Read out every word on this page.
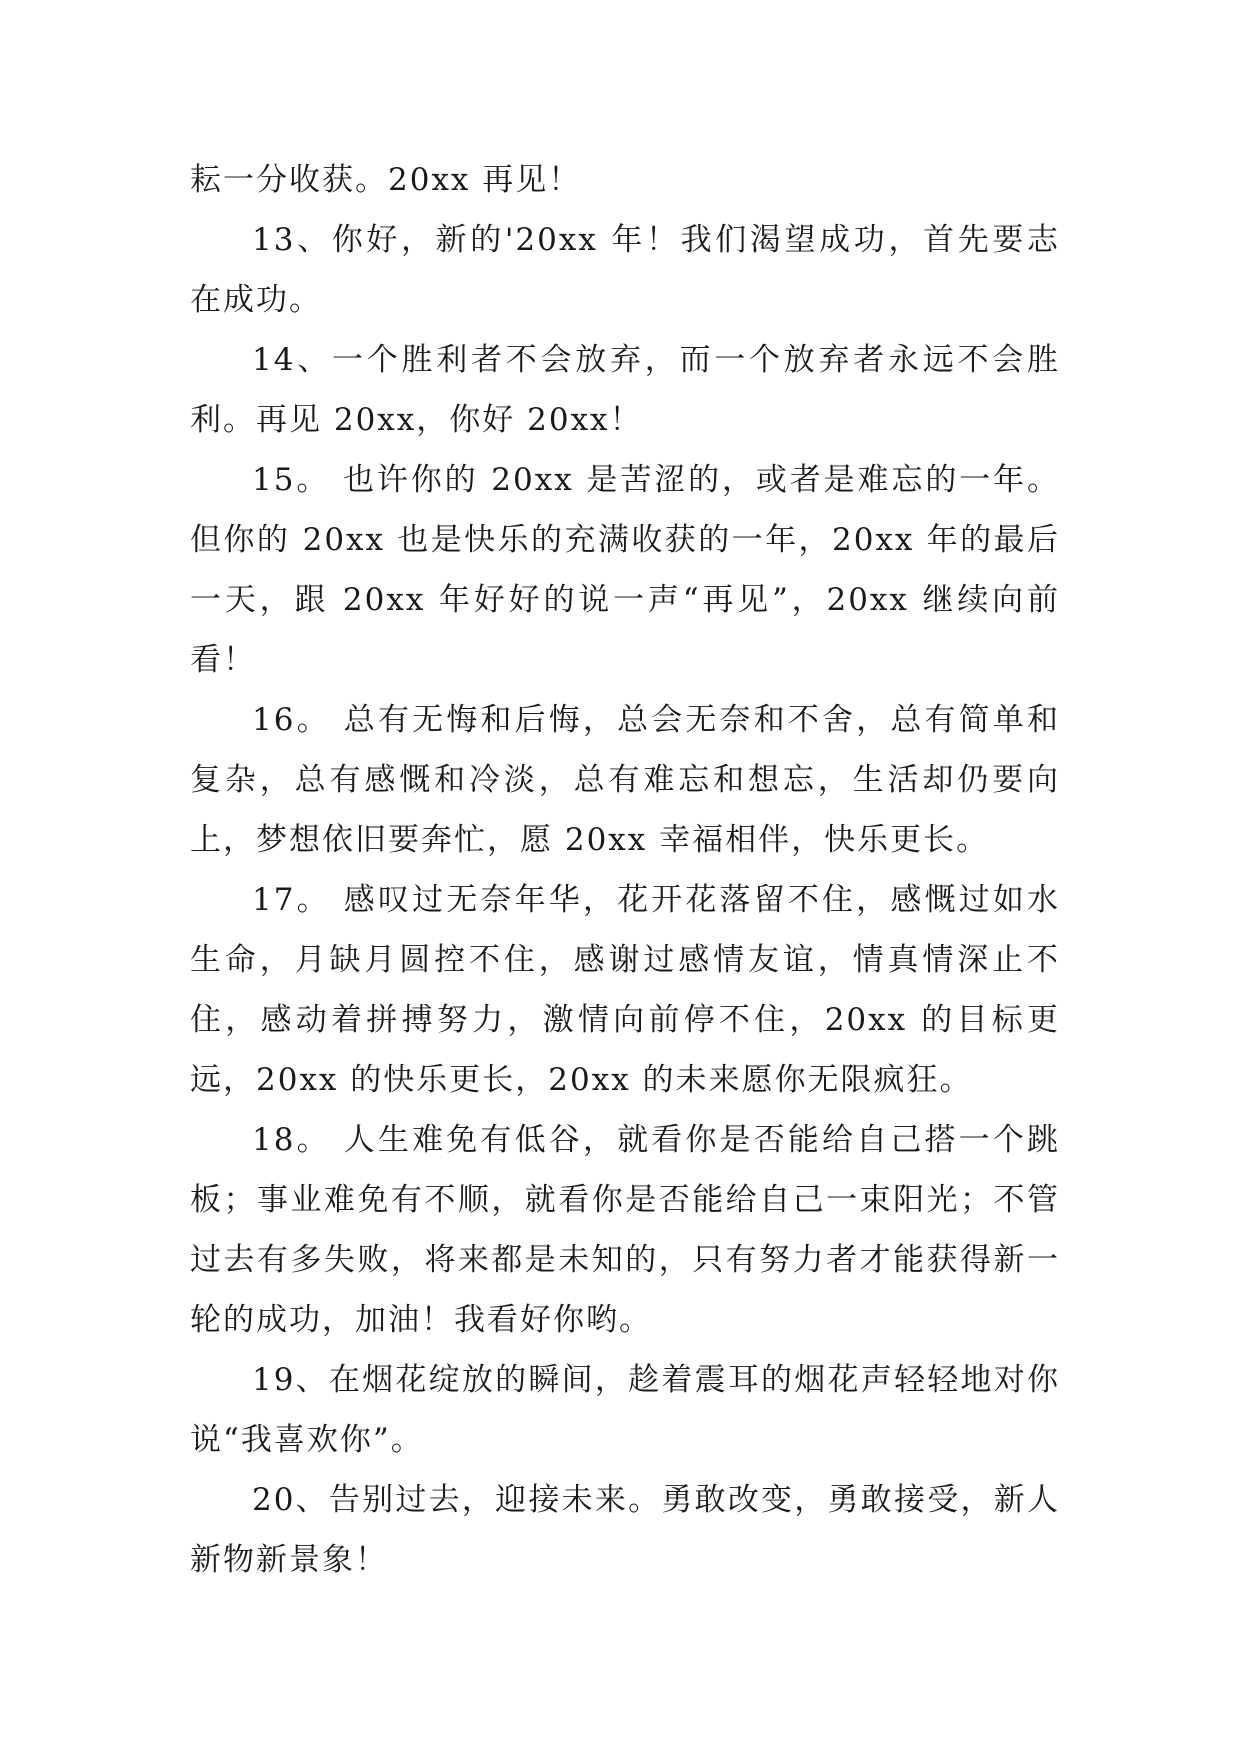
耘一分收获。20xx 再见！

13、你好，新的'20xx 年！我们渴望成功，首先要志在成功。

14、一个胜利者不会放弃，而一个放弃者永远不会胜利。再见 20xx，你好 20xx！

15。 也许你的 20xx 是苦涩的，或者是难忘的一年。但你的 20xx 也是快乐的充满收获的一年，20xx 年的最后一天，跟 20xx 年好好的说一声“再见”，20xx 继续向前看！

16。 总有无悔和后悔，总会无奈和不舍，总有简单和复杂，总有感慨和冷淡，总有难忘和想忘，生活却仍要向上，梦想依旧要奔忙，愿 20xx 幸福相伴，快乐更长。

17。 感叹过无奈年华，花开花落留不住，感慨过如水生命，月缺月圆控不住，感谢过感情友谊，情真情深止不住，感动着拼搏努力，激情向前停不住，20xx 的目标更远，20xx 的快乐更长，20xx 的未来愿你无限疯狂。

18。 人生难免有低谷，就看你是否能给自己搭一个跳板；事业难免有不顺，就看你是否能给自己一束阳光；不管过去有多失败，将来都是未知的，只有努力者才能获得新一轮的成功，加油！我看好你哟。

19、在烟花绽放的瞬间，趁着震耳的烟花声轻轻地对你说“我喜欢你”。

20、告别过去，迎接未来。勇敢改变，勇敢接受，新人新物新景象！
